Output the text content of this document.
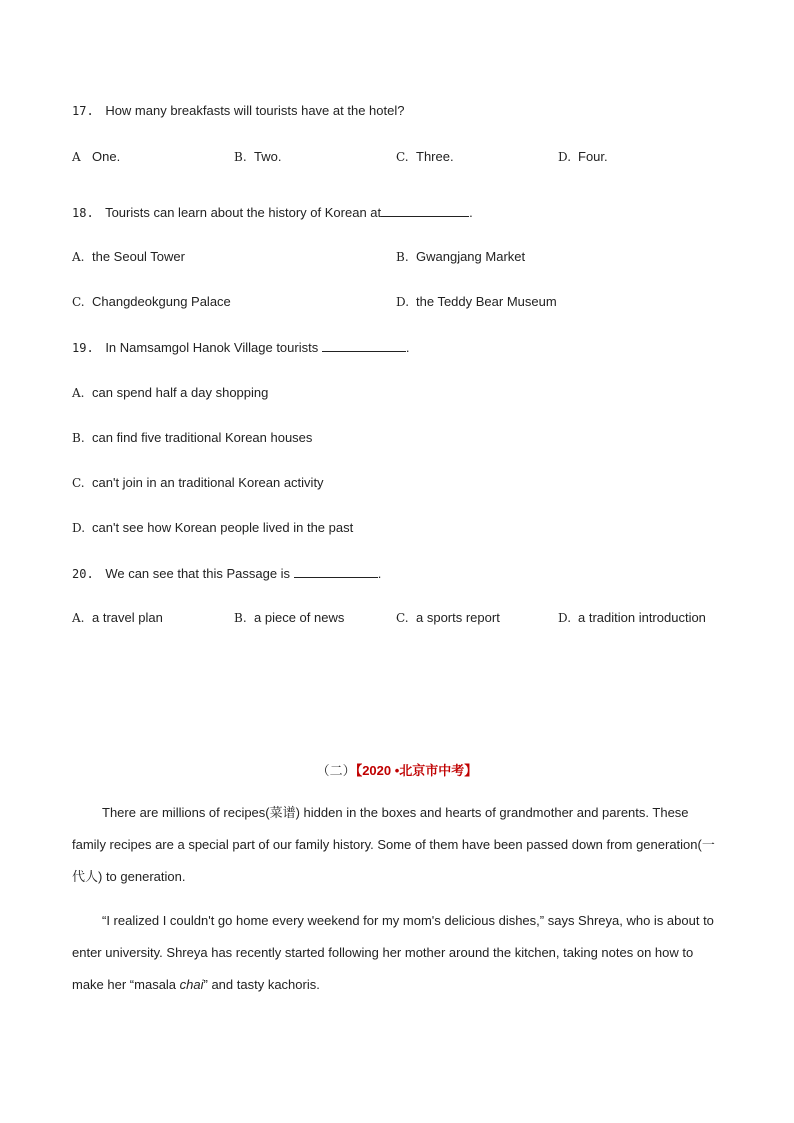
17. How many breakfasts will tourists have at the hotel?
A One.	B. Two.	C. Three.	D. Four.
18. Tourists can learn about the history of Korean at	.
A. the Seoul Tower	B. Gwangjang Market
C. Changdeokgung Palace	D. the Teddy Bear Museum
19. In Namsamgol Hanok Village tourists	.
A. can spend half a day shopping
B. can find five traditional Korean houses
C. can't join in an traditional Korean activity
D. can't see how Korean people lived in the past
20. We can see that this Passage is	.
A. a travel plan	B. a piece of news	C. a sports report	D. a tradition introduction
（二）【2020 •北京市中考】
There are millions of recipes(菜谱) hidden in the boxes and hearts of grandmother and parents. These family recipes are a special part of our family history. Some of them have been passed down from generation(一代人) to generation.
“I realized I couldn't go home every weekend for my mom's delicious dishes,” says Shreya, who is about to enter university. Shreya has recently started following her mother around the kitchen, taking notes on how to make her “masala chai” and tasty kachoris.
